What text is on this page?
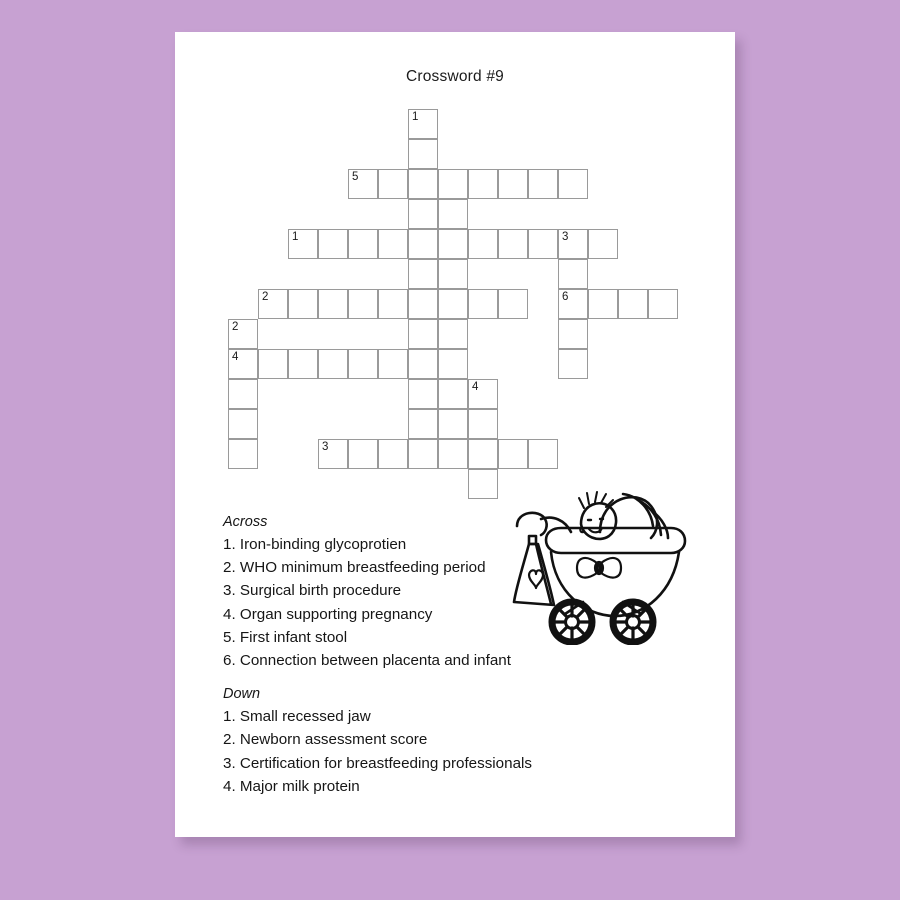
Crossword #9
1
5
1	3
2	6
2
4
4
3
Across
1. Iron-binding glycoprotien
2. WHO minimum breastfeeding period
3. Surgical birth procedure
4. Organ supporting pregnancy
5. First infant stool
6. Connection between placenta and infant
Down
1. Small recessed jaw
2. Newborn assessment score
3. Certification for breastfeeding professionals
4. Major milk protein
